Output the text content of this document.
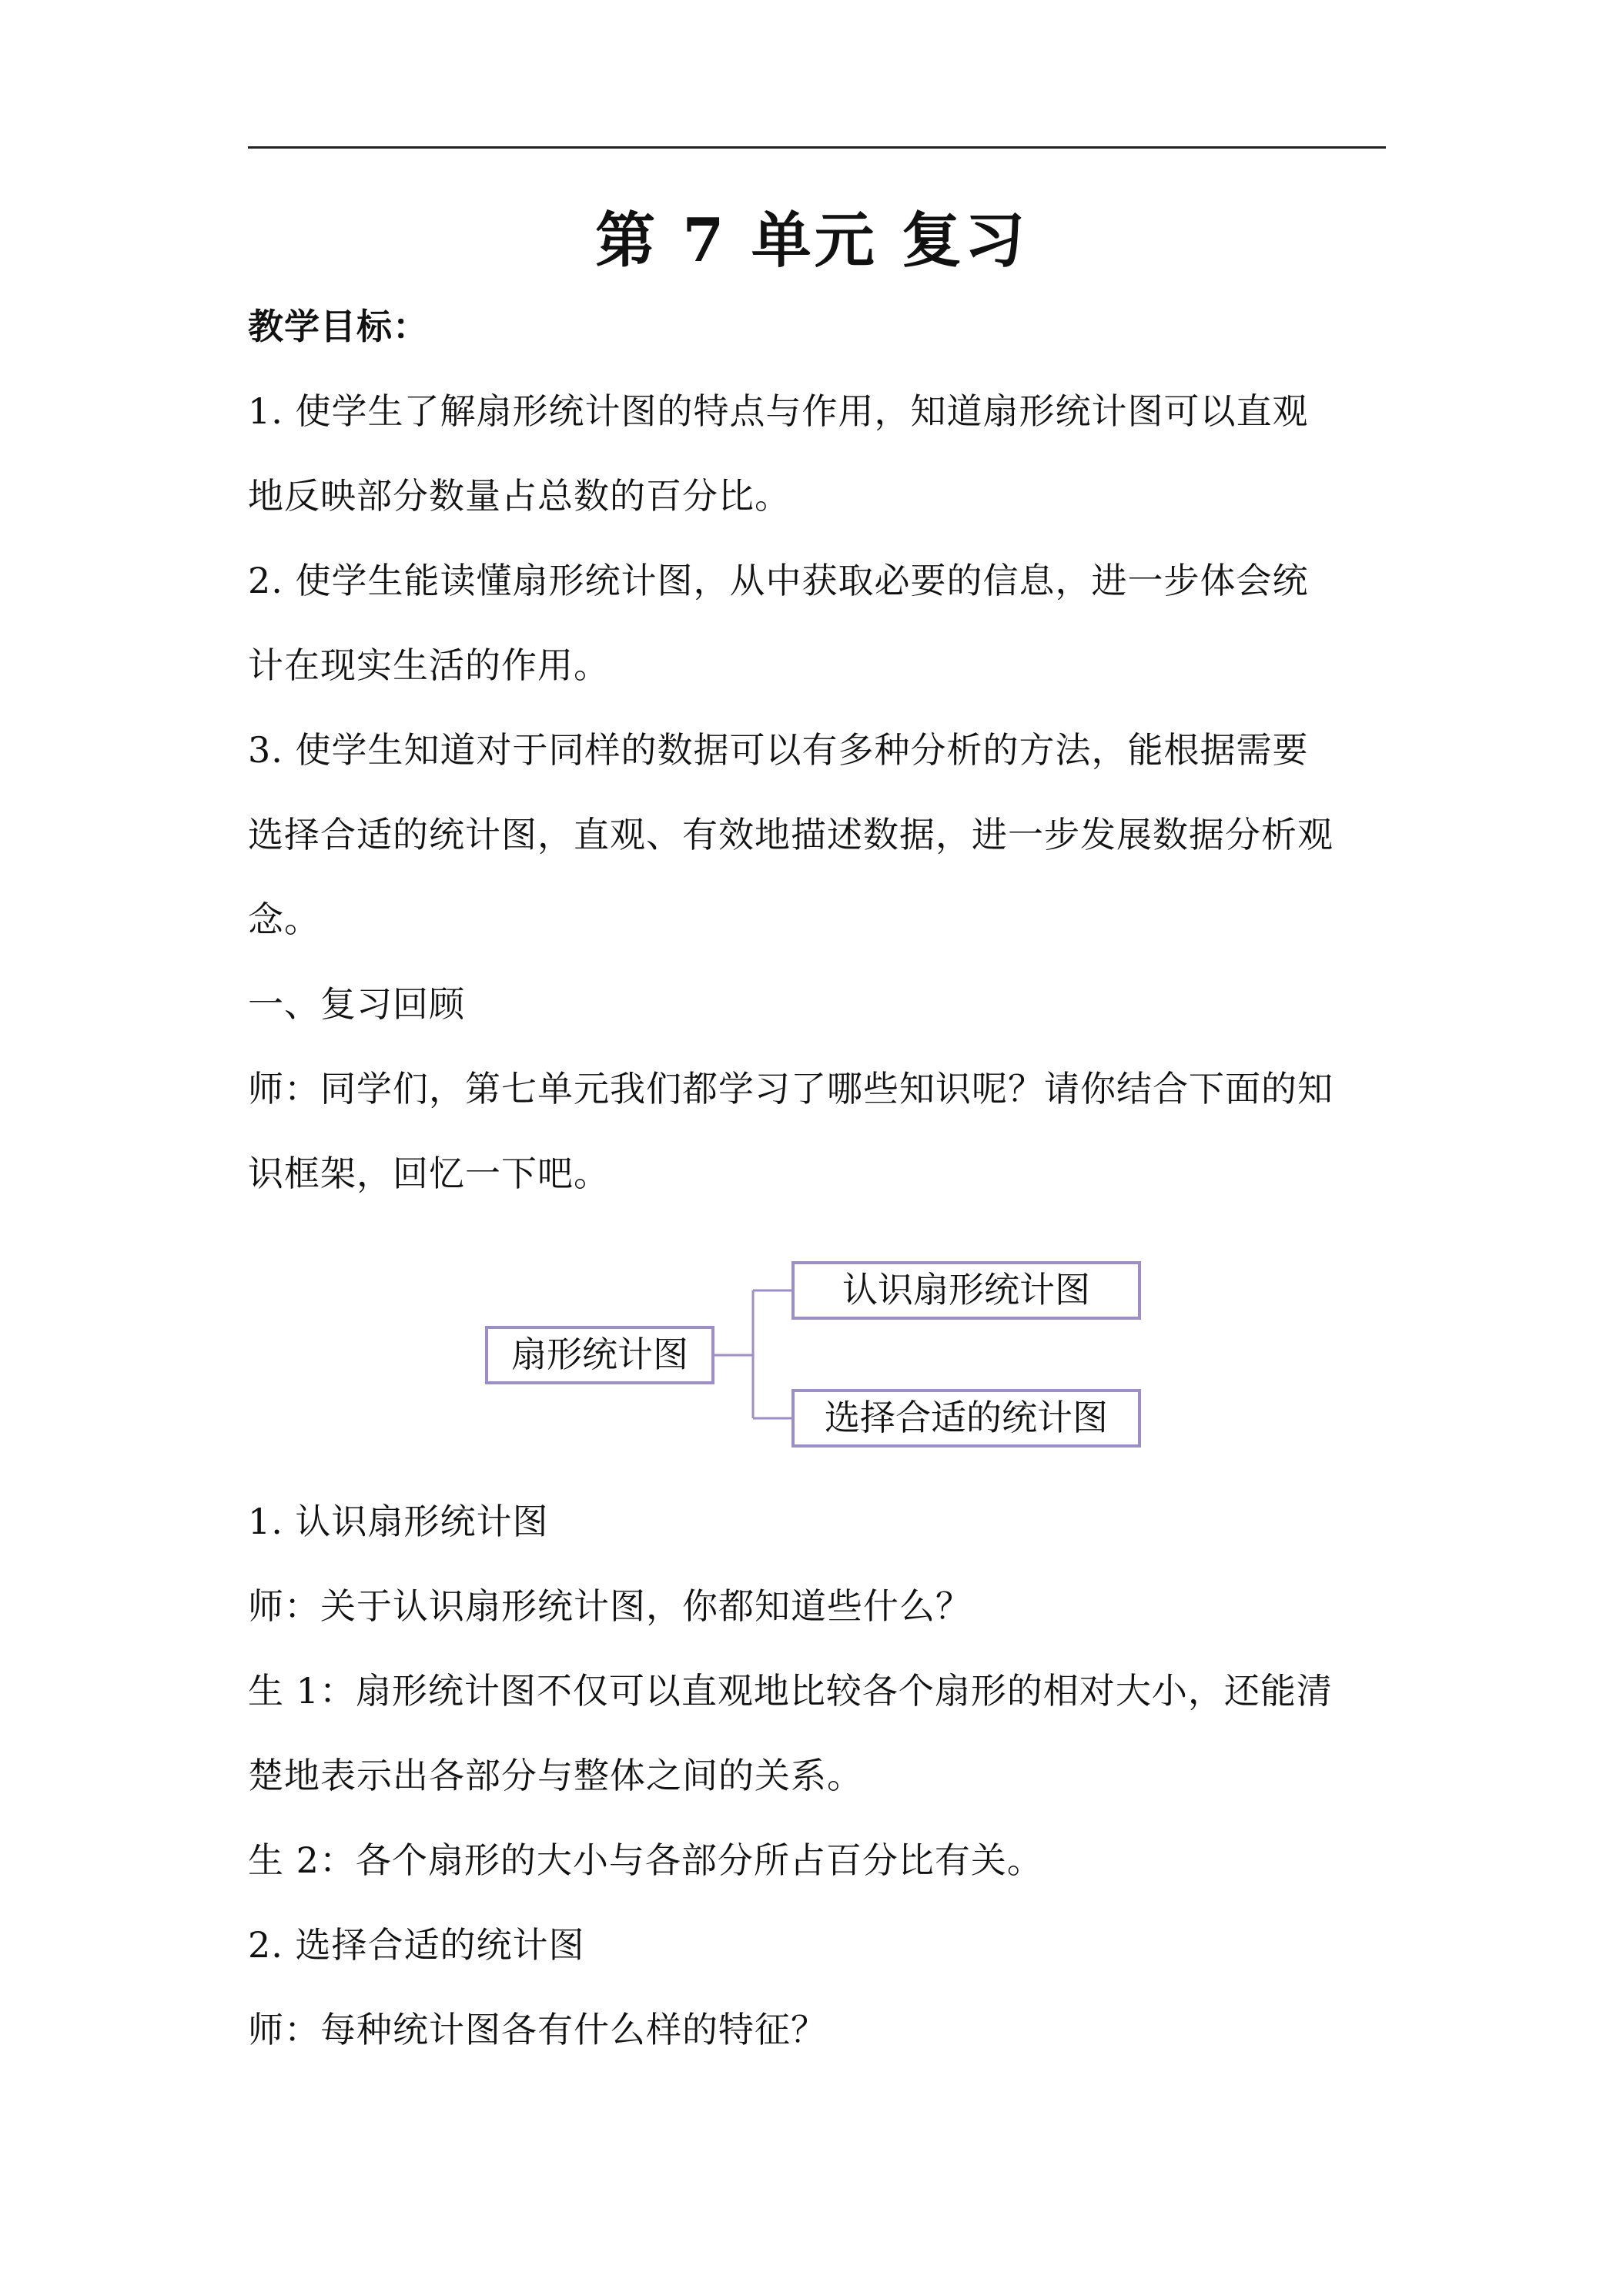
第 7 单元 复习
教学目标：
1. 使学生了解扇形统计图的特点与作用，知道扇形统计图可以直观
地反映部分数量占总数的百分比。
2. 使学生能读懂扇形统计图，从中获取必要的信息，进一步体会统
计在现实生活的作用。
3. 使学生知道对于同样的数据可以有多种分析的方法，能根据需要
选择合适的统计图，直观、有效地描述数据，进一步发展数据分析观
念。
一、复习回顾
师：同学们，第七单元我们都学习了哪些知识呢？请你结合下面的知
识框架，回忆一下吧。
扇形统计图
认识扇形统计图
选择合适的统计图
1. 认识扇形统计图
师：关于认识扇形统计图，你都知道些什么？
生 1：扇形统计图不仅可以直观地比较各个扇形的相对大小，还能清
楚地表示出各部分与整体之间的关系。
生 2：各个扇形的大小与各部分所占百分比有关。
2. 选择合适的统计图
师：每种统计图各有什么样的特征？
